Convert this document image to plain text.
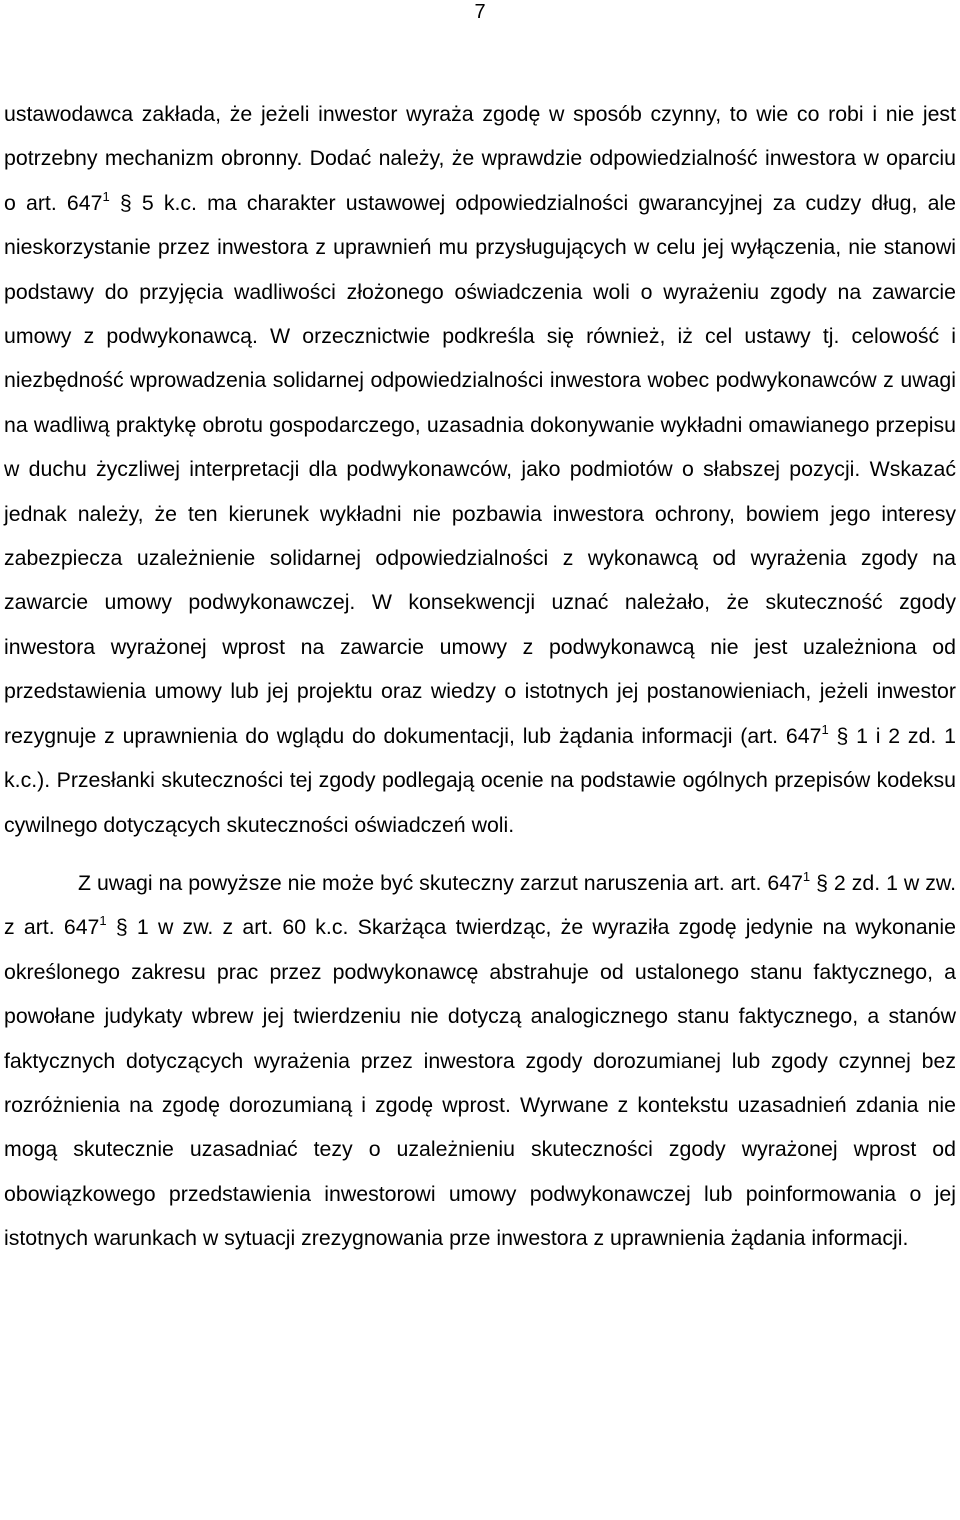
7

ustawodawca zakłada, że jeżeli inwestor wyraża zgodę w sposób czynny, to wie co robi i nie jest potrzebny mechanizm obronny. Dodać należy, że wprawdzie odpowiedzialność inwestora w oparciu o art. $647^1$ § 5 k.c. ma charakter ustawowej odpowiedzialności gwarancyjnej za cudzy dług, ale nieskorzystanie przez inwestora z uprawnień mu przysługujących w celu jej wyłączenia, nie stanowi podstawy do przyjęcia wadliwości złożonego oświadczenia woli o wyrażeniu zgody na zawarcie umowy z podwykonawcą. W orzecznictwie podkreśla się również, iż cel ustawy tj. celowość i niezbędność wprowadzenia solidarnej odpowiedzialności inwestora wobec podwykonawców z uwagi na wadliwą praktykę obrotu gospodarczego, uzasadnia dokonywanie wykładni omawianego przepisu w duchu życzliwej interpretacji dla podwykonawców, jako podmiotów o słabszej pozycji. Wskazać jednak należy, że ten kierunek wykładni nie pozbawia inwestora ochrony, bowiem jego interesy zabezpiecza uzależnienie solidarnej odpowiedzialności z wykonawcą od wyrażenia zgody na zawarcie umowy podwykonawczej. W konsekwencji uznać należało, że skuteczność zgody inwestora wyrażonej wprost na zawarcie umowy z podwykonawcą nie jest uzależniona od przedstawienia umowy lub jej projektu oraz wiedzy o istotnych jej postanowieniach, jeżeli inwestor rezygnuje z uprawnienia do wglądu do dokumentacji, lub żądania informacji (art. $647^1$ § 1 i 2 zd. 1 k.c.). Przesłanki skuteczności tej zgody podlegają ocenie na podstawie ogólnych przepisów kodeksu cywilnego dotyczących skuteczności oświadczeń woli.

Z uwagi na powyższe nie może być skuteczny zarzut naruszenia art. art. $647^1$ § 2 zd. 1 w zw. z art. $647^1$ § 1 w zw. z art. 60 k.c. Skarżąca twierdząc, że wyraziła zgodę jedynie na wykonanie określonego zakresu prac przez podwykonawcę abstrahuje od ustalonego stanu faktycznego, a powołane judykaty wbrew jej twierdzeniu nie dotyczą analogicznego stanu faktycznego, a stanów faktycznych dotyczących wyrażenia przez inwestora zgody dorozumianej lub zgody czynnej bez rozróżnienia na zgodę dorozumianą i zgodę wprost. Wyrwane z kontekstu uzasadnień zdania nie mogą skutecznie uzasadniać tezy o uzależnieniu skuteczności zgody wyrażonej wprost od obowiązkowego przedstawienia inwestorowi umowy podwykonawczej lub poinformowania o jej istotnych warunkach w sytuacji zrezygnowania prze inwestora z uprawnienia żądania informacji.
